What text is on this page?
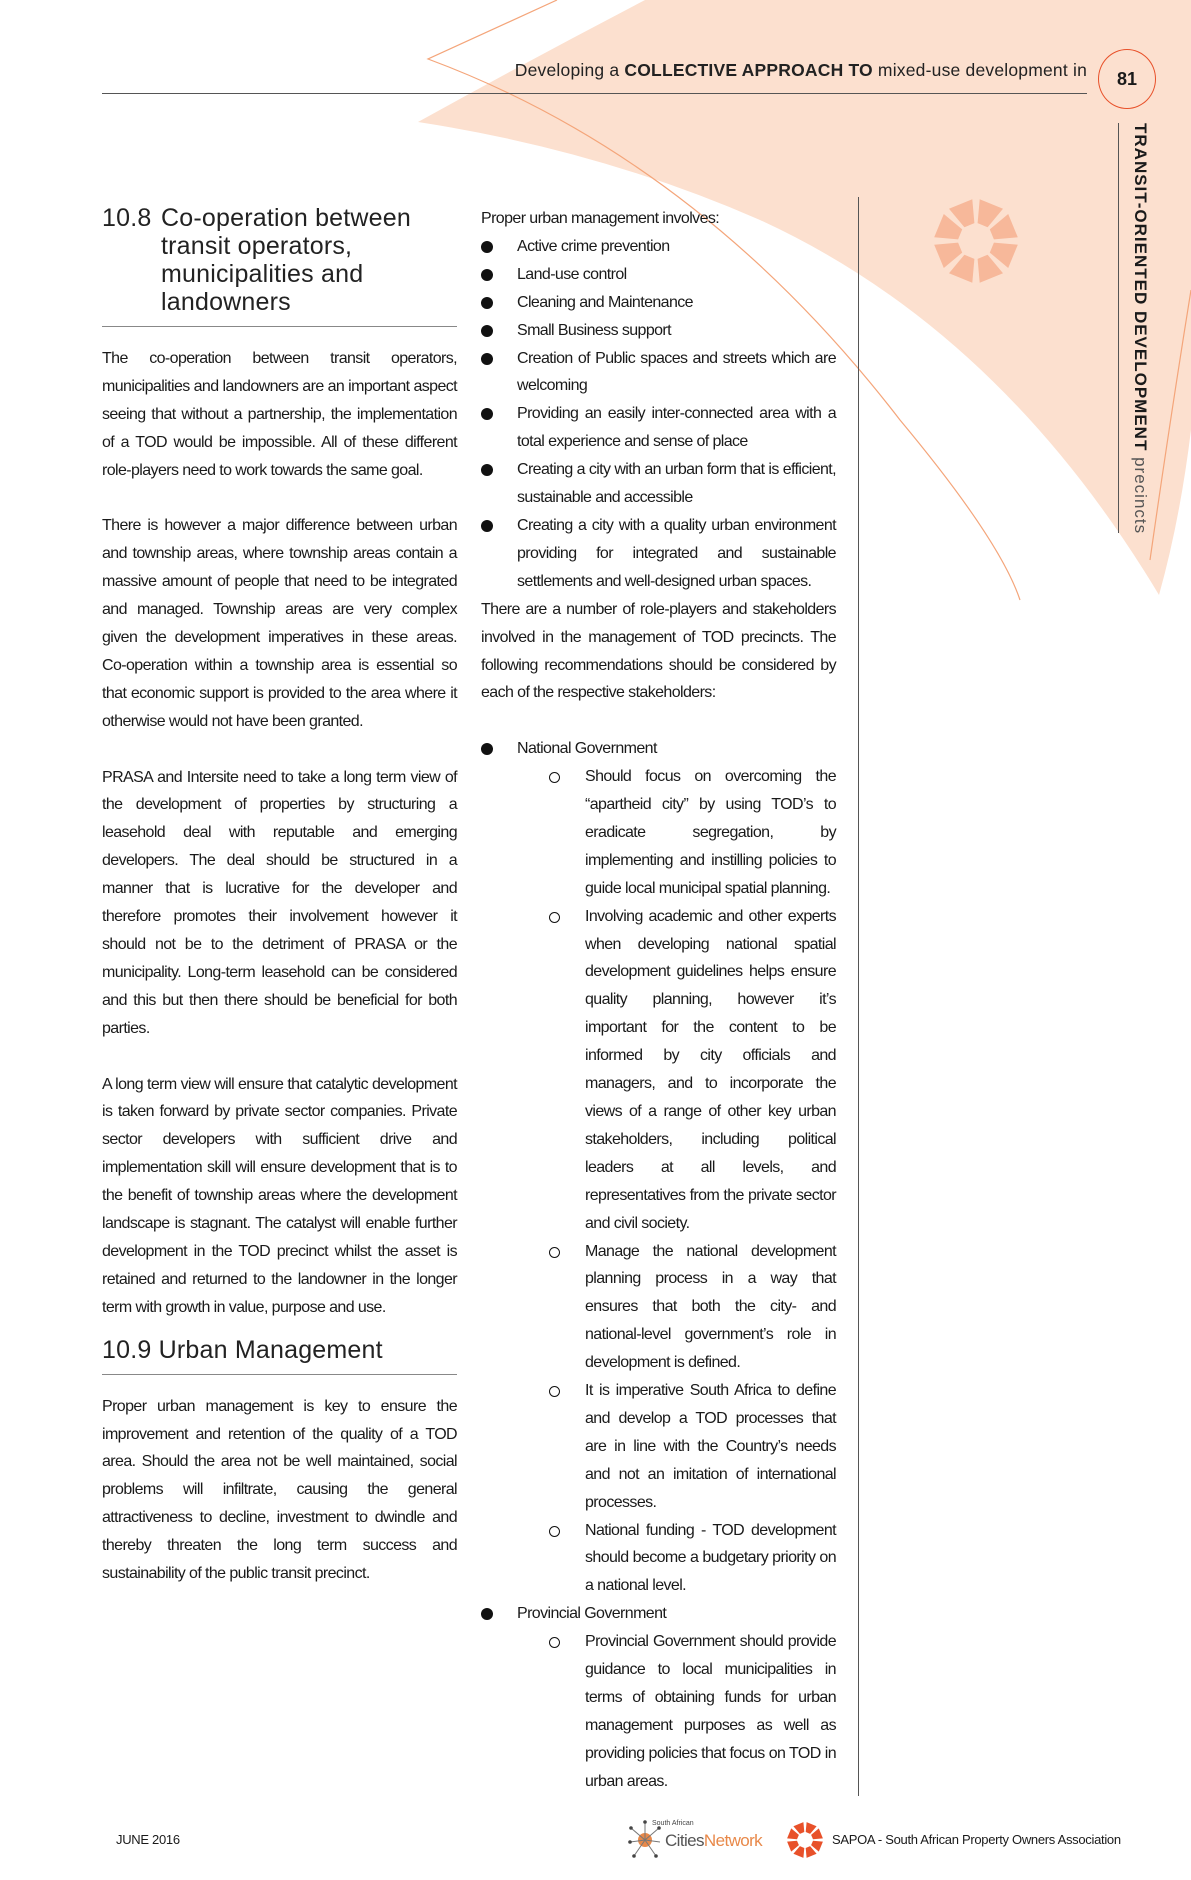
Developing a COLLECTIVE APPROACH TO mixed-use development in	81
TRANSIT-ORIENTED DEVELOPMENT precincts
10.8 Co-operation between
transit operators,
municipalities and
landowners

The co-operation between transit operators, municipalities and landowners are an important aspect seeing that without a partnership, the implementation of a TOD would be impossible. All of these different role-players need to work towards the same goal.

There is however a major difference between urban and township areas, where township areas contain a massive amount of people that need to be integrated and managed. Township areas are very complex given the development imperatives in these areas. Co-operation within a township area is essential so that economic support is provided to the area where it otherwise would not have been granted.

PRASA and Intersite need to take a long term view of the development of properties by structuring a leasehold deal with reputable and emerging developers. The deal should be structured in a manner that is lucrative for the developer and therefore promotes their involvement however it should not be to the detriment of PRASA or the municipality. Long-term leasehold can be considered and this but then there should be beneficial for both parties.

A long term view will ensure that catalytic development is taken forward by private sector companies. Private sector developers with sufficient drive and implementation skill will ensure development that is to the benefit of township areas where the development landscape is stagnant. The catalyst will enable further development in the TOD precinct whilst the asset is retained and returned to the landowner in the longer term with growth in value, purpose and use.

10.9 Urban Management

Proper urban management is key to ensure the improvement and retention of the quality of a TOD area. Should the area not be well maintained, social problems will infiltrate, causing the general attractiveness to decline, investment to dwindle and thereby threaten the long term success and sustainability of the public transit precinct.

Proper urban management involves:
Active crime prevention
Land-use control
Cleaning and Maintenance
Small Business support
Creation of Public spaces and streets which are welcoming
Providing an easily inter-connected area with a total experience and sense of place
Creating a city with an urban form that is efficient, sustainable and accessible
Creating a city with a quality urban environment providing for integrated and sustainable settlements and well-designed urban spaces.

There are a number of role-players and stakeholders involved in the management of TOD precincts. The following recommendations should be considered by each of the respective stakeholders:

National Government
Should focus on overcoming the “apartheid city” by using TOD’s to eradicate segregation, by implementing and instilling policies to guide local municipal spatial planning.
Involving academic and other experts when developing national spatial development guidelines helps ensure quality planning, however it’s important for the content to be informed by city officials and managers, and to incorporate the views of a range of other key urban stakeholders, including political leaders at all levels, and representatives from the private sector and civil society.
Manage the national development planning process in a way that ensures that both the city- and national-level government’s role in development is defined.
It is imperative South Africa to define and develop a TOD processes that are in line with the Country’s needs and not an imitation of international processes.
National funding - TOD development should become a budgetary priority on a national level.
Provincial Government
Provincial Government should provide guidance to local municipalities in terms of obtaining funds for urban management purposes as well as providing policies that focus on TOD in urban areas.
JUNE 2016
South African
CitiesNetwork	SAPOA - South African Property Owners Association
